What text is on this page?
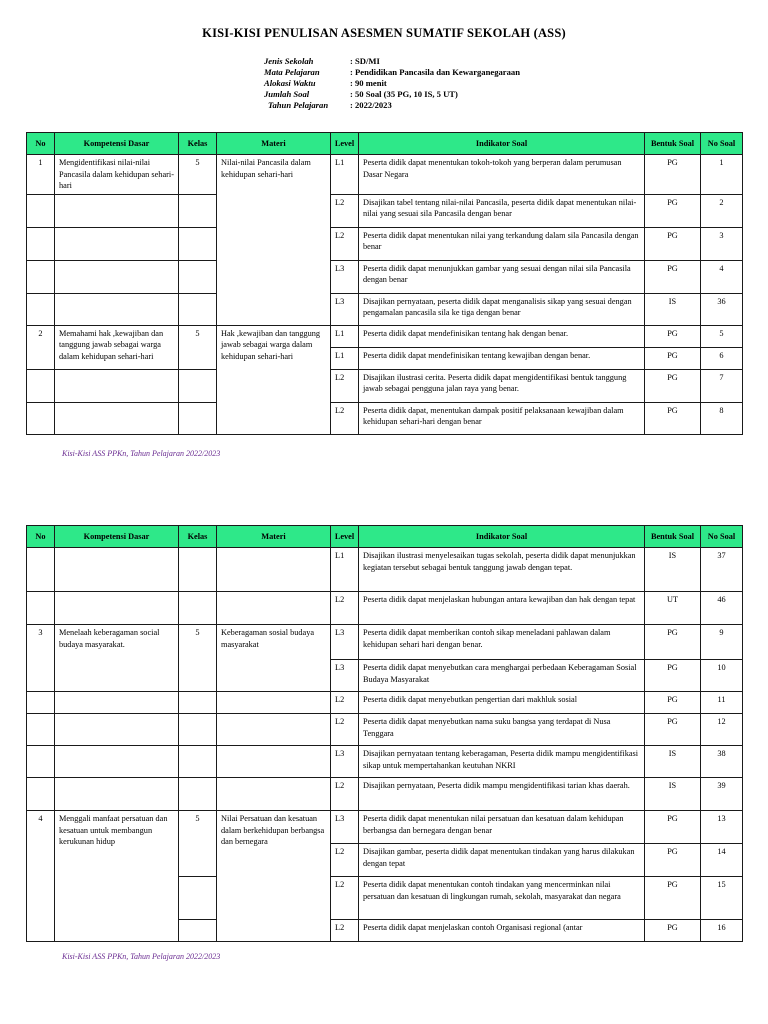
KISI-KISI PENULISAN ASESMEN SUMATIF SEKOLAH (ASS)
Jenis Sekolah	: SD/MI
Mata Pelajaran	: Pendidikan Pancasila dan Kewarganegaraan
Alokasi Waktu	: 90 menit
Jumlah Soal	: 50 Soal (35 PG, 10 IS, 5 UT)
Tahun Pelajaran	: 2022/2023
No	Kompetensi Dasar	Kelas	Materi	Level	Indikator Soal	Bentuk Soal	No Soal
1	Mengidentifikasi nilai-nilai Pancasila dalam kehidupan sehari- hari	5	Nilai-nilai Pancasila dalam kehidupan sehari-hari	L1	Peserta didik dapat menentukan tokoh-tokoh yang berperan dalam perumusan Dasar Negara	PG	1
				L2	Disajikan tabel tentang nilai-nilai Pancasila, peserta didik dapat menentukan nilai-nilai yang sesuai sila Pancasila dengan benar	PG	2
				L2	Peserta didik dapat menentukan nilai yang terkandung dalam sila Pancasila dengan benar	PG	3
				L3	Peserta didik dapat menunjukkan gambar yang sesuai dengan nilai sila Pancasila dengan benar	PG	4
				L3	Disajikan pernyataan, peserta didik dapat menganalisis sikap yang sesuai dengan pengamalan pancasila sila ke tiga dengan benar	IS	36
2	Memahami hak ,kewajiban dan tanggung jawab sebagai warga dalam kehidupan sehari-hari	5	Hak ,kewajiban dan tanggung jawab sebagai warga dalam kehidupan sehari-hari	L1	Peserta didik dapat mendefinisikan tentang hak dengan benar.	PG	5
				L1	Peserta didik dapat mendefinisikan tentang kewajiban dengan benar.	PG	6
				L2	Disajikan ilustrasi cerita. Peserta didik dapat mengidentifikasi bentuk tanggung jawab sebagai pengguna jalan raya yang benar.	PG	7
				L2	Peserta didik dapat, menentukan dampak positif pelaksanaan kewajiban dalam kehidupan sehari-hari dengan benar	PG	8
Kisi-Kisi ASS PPKn, Tahun Pelajaran 2022/2023
No	Kompetensi Dasar	Kelas	Materi	Level	Indikator Soal	Bentuk Soal	No Soal
				L1	Disajikan ilustrasi menyelesaikan tugas sekolah, peserta didik dapat menunjukkan kegiatan tersebut sebagai bentuk tanggung jawab dengan tepat.	IS	37
				L2	Peserta didik dapat menjelaskan hubungan antara kewajiban dan hak dengan tepat	UT	46
3	Menelaah keberagaman social budaya masyarakat.	5	Keberagaman sosial budaya masyarakat	L3	Peserta didik dapat memberikan contoh sikap meneladani pahlawan dalam kehidupan sehari hari dengan benar.	PG	9
				L3	Peserta didik dapat menyebutkan cara menghargai perbedaan Keberagaman Sosial Budaya Masyarakat	PG	10
				L2	Peserta didik dapat menyebutkan pengertian dari makhluk sosial	PG	11
				L2	Peserta didik dapat menyebutkan nama suku bangsa yang terdapat di Nusa Tenggara	PG	12
				L3	Disajikan pernyataan tentang keberagaman, Peserta didik mampu mengidentifikasi sikap untuk mempertahankan keutuhan NKRI	IS	38
				L2	Disajikan pernyataan, Peserta didik mampu mengidentifikasi tarian khas daerah.	IS	39
4	Menggali manfaat persatuan dan kesatuan untuk membangun kerukunan hidup	5	Nilai Persatuan dan kesatuan dalam berkehidupan berbangsa dan bernegara	L3	Peserta didik dapat menentukan nilai persatuan dan kesatuan dalam kehidupan berbangsa dan bernegara dengan benar	PG	13
				L2	Disajikan gambar, peserta didik dapat menentukan tindakan yang harus dilakukan dengan tepat	PG	14
				L2	Peserta didik dapat menentukan contoh tindakan yang mencerminkan nilai persatuan dan kesatuan di lingkungan rumah, sekolah, masyarakat dan negara	PG	15
				L2	Peserta didik dapat menjelaskan contoh Organisasi regional (antar	PG	16
Kisi-Kisi ASS PPKn, Tahun Pelajaran 2022/2023
